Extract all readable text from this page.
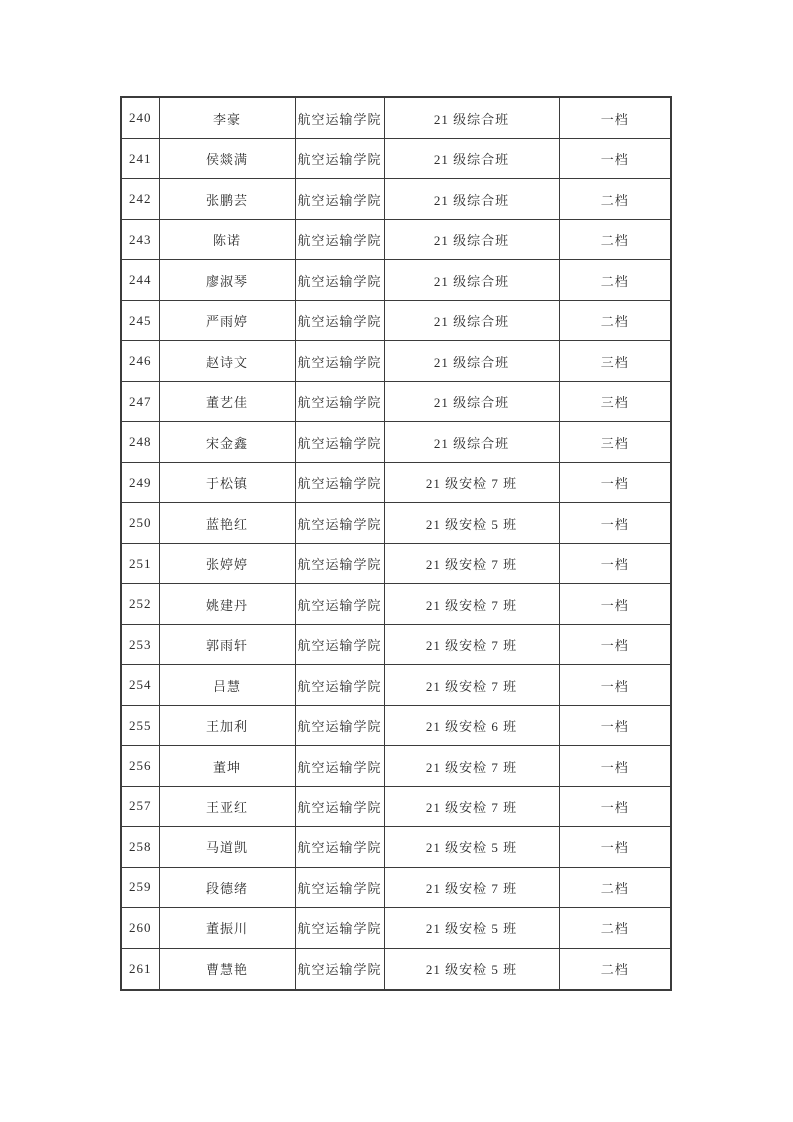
240	李豪	航空运输学院	21 级综合班	一档
241	侯燚满	航空运输学院	21 级综合班	一档
242	张鹏芸	航空运输学院	21 级综合班	二档
243	陈诺	航空运输学院	21 级综合班	二档
244	廖淑琴	航空运输学院	21 级综合班	二档
245	严雨婷	航空运输学院	21 级综合班	二档
246	赵诗文	航空运输学院	21 级综合班	三档
247	董艺佳	航空运输学院	21 级综合班	三档
248	宋金鑫	航空运输学院	21 级综合班	三档
249	于松镇	航空运输学院	21 级安检 7 班	一档
250	蓝艳红	航空运输学院	21 级安检 5 班	一档
251	张婷婷	航空运输学院	21 级安检 7 班	一档
252	姚建丹	航空运输学院	21 级安检 7 班	一档
253	郭雨轩	航空运输学院	21 级安检 7 班	一档
254	吕慧	航空运输学院	21 级安检 7 班	一档
255	王加利	航空运输学院	21 级安检 6 班	一档
256	董坤	航空运输学院	21 级安检 7 班	一档
257	王亚红	航空运输学院	21 级安检 7 班	一档
258	马道凯	航空运输学院	21 级安检 5 班	一档
259	段德绪	航空运输学院	21 级安检 7 班	二档
260	董振川	航空运输学院	21 级安检 5 班	二档
261	曹慧艳	航空运输学院	21 级安检 5 班	二档
